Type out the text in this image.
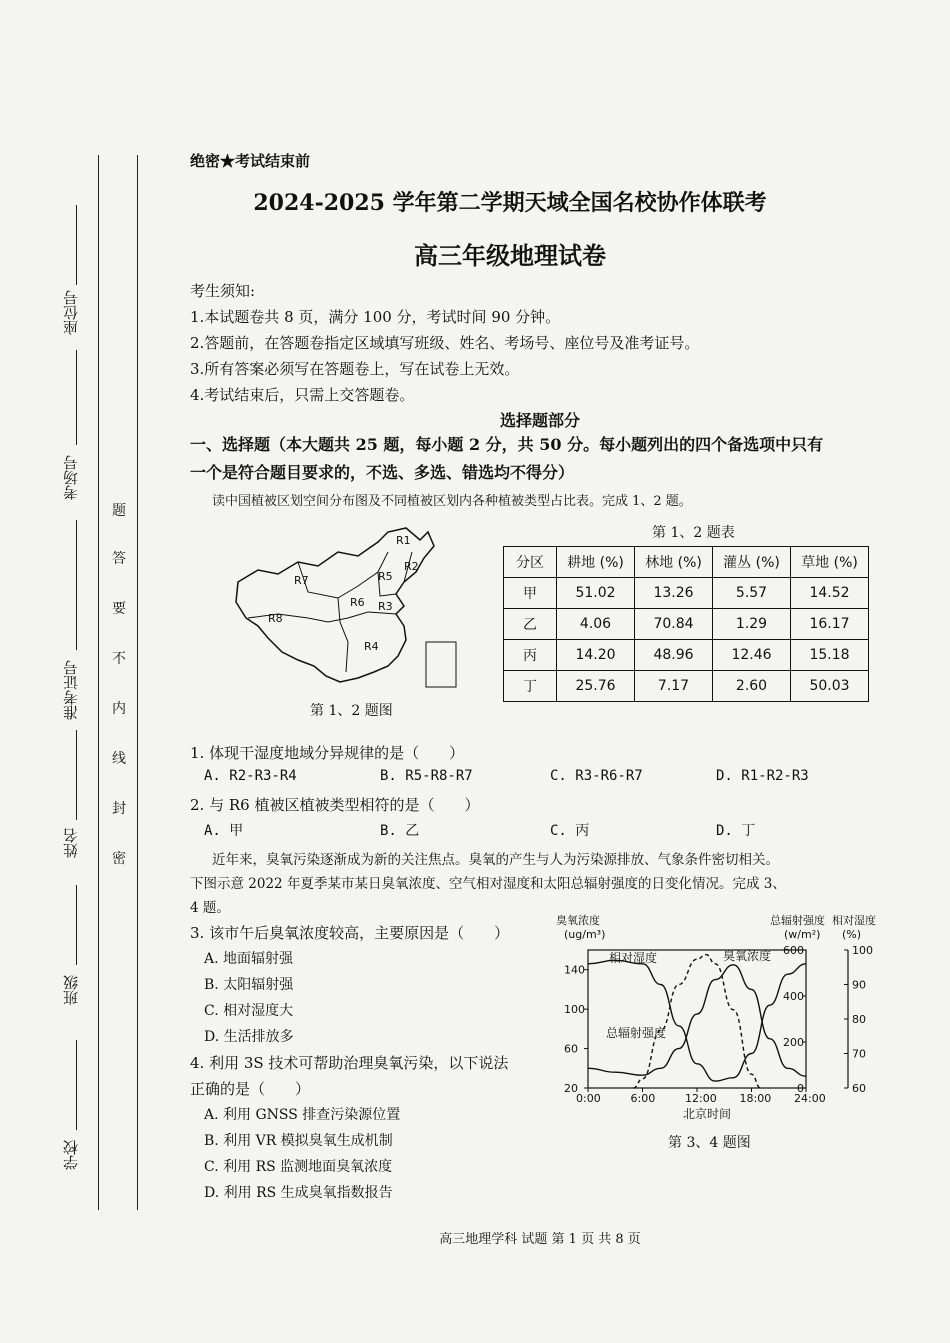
座位号
考场号
准考证号
姓名
班级
学校
题
答
要
不
内
线
封
密
绝密★考试结束前
2024-2025 学年第二学期天域全国名校协作体联考
高三年级地理试卷
考生须知:
1.本试题卷共 8 页，满分 100 分，考试时间 90 分钟。
2.答题前，在答题卷指定区域填写班级、姓名、考场号、座位号及准考证号。
3.所有答案必须写在答题卷上，写在试卷上无效。
4.考试结束后，只需上交答题卷。
选择题部分
一、选择题（本大题共 25 题，每小题 2 分，共 50 分。每小题列出的四个备选项中只有
一个是符合题目要求的，不选、多选、错选均不得分）
读中国植被区划空间分布图及不同植被区划内各种植被类型占比表。完成 1、2 题。
R1
R2
R3
R4
R5
R6
R7
R8
第 1、2 题图
第 1、2 题表
分区	耕地 (%)	林地 (%)	灌丛 (%)	草地 (%)
甲	51.02	13.26	5.57	14.52
乙	4.06	70.84	1.29	16.17
丙	14.20	48.96	12.46	15.18
丁	25.76	7.17	2.60	50.03
1. 体现干湿度地域分异规律的是（　　）
A. R2-R3-R4	B. R5-R8-R7	C. R3-R6-R7	D. R1-R2-R3
2. 与 R6 植被区植被类型相符的是（　　）
A. 甲	B. 乙	C. 丙	D. 丁
近年来，臭氧污染逐渐成为新的关注焦点。臭氧的产生与人为污染源排放、气象条件密切相关。
下图示意 2022 年夏季某市某日臭氧浓度、空气相对湿度和太阳总辐射强度的日变化情况。完成 3、
4 题。
3. 该市午后臭氧浓度较高，主要原因是（　　）
A. 地面辐射强
B. 太阳辐射强
C. 相对湿度大
D. 生活排放多
4. 利用 3S 技术可帮助治理臭氧污染，以下说法
正确的是（　　）
A. 利用 GNSS 排查污染源位置
B. 利用 VR 模拟臭氧生成机制
C. 利用 RS 监测地面臭氧浓度
D. 利用 RS 生成臭氧指数报告
臭氧浓度
(ug/m³)
总辐射强度
(w/m²)
相对湿度
(%)
北京时间
相对湿度	臭氧浓度
总辐射强度
0:00	6:00	12:00 18:00 24:00
20
60
100
140
0
200
400
600
60
70
80
90
100
第 3、4 题图
高三地理学科 试题 第 1 页 共 8 页
